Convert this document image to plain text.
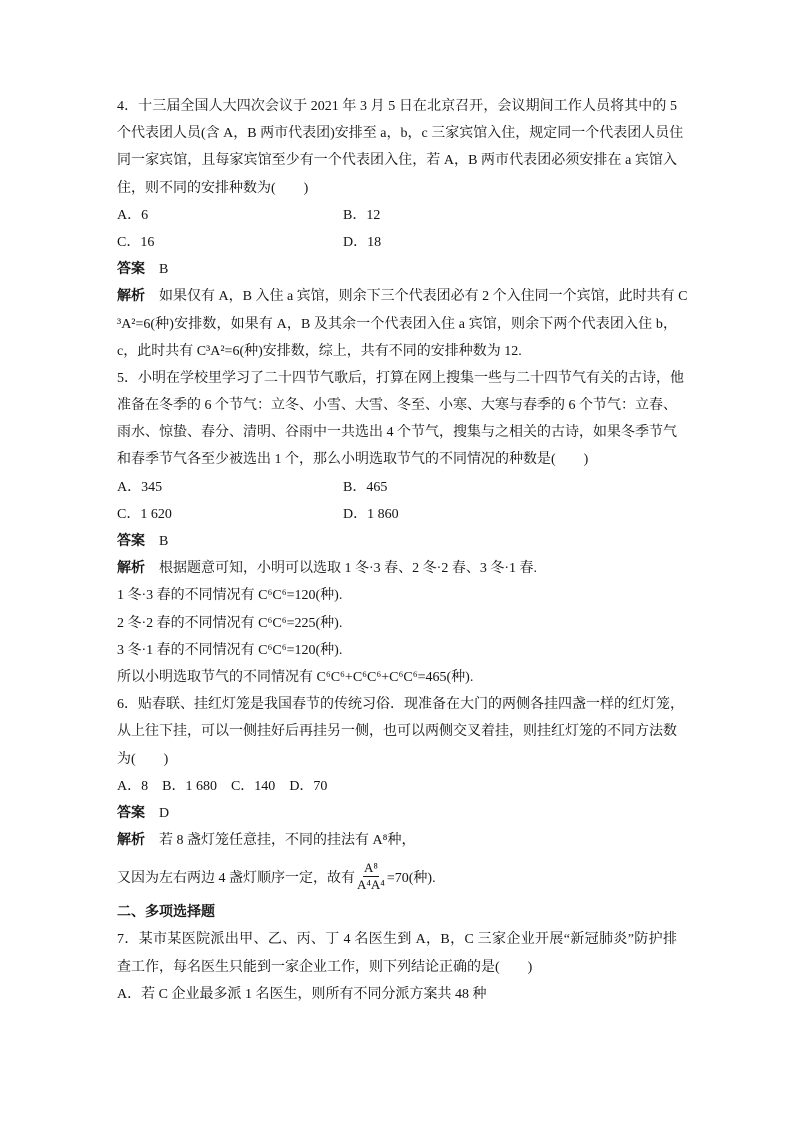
4．十三届全国人大四次会议于 2021 年 3 月 5 日在北京召开，会议期间工作人员将其中的 5
个代表团人员(含 A，B 两市代表团)安排至 a，b，c 三家宾馆入住，规定同一个代表团人员住
同一家宾馆，且每家宾馆至少有一个代表团入住，若 A，B 两市代表团必须安排在 a 宾馆入
住，则不同的安排种数为(　　)
A．6	B．12
C．16	D．18
答案 B
解析 如果仅有 A，B 入住 a 宾馆，则余下三个代表团必有 2 个入住同一个宾馆，此时共有 C
³A²=6(种)安排数，如果有 A，B 及其余一个代表团入住 a 宾馆，则余下两个代表团入住 b，
c，此时共有 C³A²=6(种)安排数，综上，共有不同的安排种数为 12.
5．小明在学校里学习了二十四节气歌后，打算在网上搜集一些与二十四节气有关的古诗，他
准备在冬季的 6 个节气：立冬、小雪、大雪、冬至、小寒、大寒与春季的 6 个节气：立春、
雨水、惊蛰、春分、清明、谷雨中一共选出 4 个节气，搜集与之相关的古诗，如果冬季节气
和春季节气各至少被选出 1 个，那么小明选取节气的不同情况的种数是(　　)
A．345	B．465
C．1 620	D．1 860
答案 B
解析 根据题意可知，小明可以选取 1 冬·3 春、2 冬·2 春、3 冬·1 春.
1 冬·3 春的不同情况有 C⁶C⁶=120(种).
2 冬·2 春的不同情况有 C⁶C⁶=225(种).
3 冬·1 春的不同情况有 C⁶C⁶=120(种).
所以小明选取节气的不同情况有 C⁶C⁶+C⁶C⁶+C⁶C⁶=465(种).
6．贴春联、挂红灯笼是我国春节的传统习俗．现准备在大门的两侧各挂四盏一样的红灯笼，
从上往下挂，可以一侧挂好后再挂另一侧，也可以两侧交叉着挂，则挂红灯笼的不同方法数
为(　　)
A．8 B．1 680 C．140 D．70
答案 D
解析 若 8 盏灯笼任意挂，不同的挂法有 A⁸种，
又因为左右两边 4 盏灯顺序一定，故有 $\frac{\text{A⁸}}{\text{A⁴A⁴}} =70$(种).
二、多项选择题
7．某市某医院派出甲、乙、丙、丁 4 名医生到 A，B，C 三家企业开展“新冠肺炎”防护排
查工作，每名医生只能到一家企业工作，则下列结论正确的是(　　)
A．若 C 企业最多派 1 名医生，则所有不同分派方案共 48 种
